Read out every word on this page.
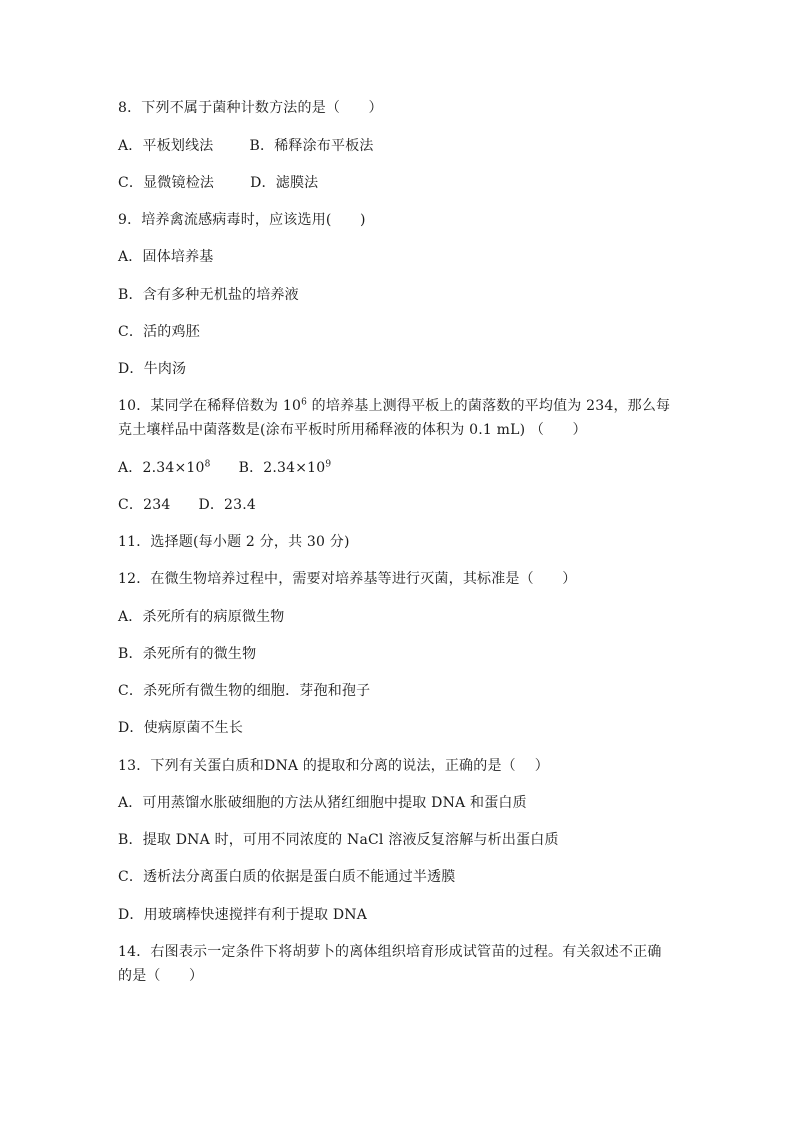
8．下列不属于菌种计数方法的是（　　）
A．平板划线法	B．稀释涂布平板法
C．显微镜检法	D．滤膜法
9．培养禽流感病毒时，应该选用(　　)
A．固体培养基
B．含有多种无机盐的培养液
C．活的鸡胚
D．牛肉汤
10．某同学在稀释倍数为 $10^6$ 的培养基上测得平板上的菌落数的平均值为 234，那么每
克土壤样品中菌落数是(涂布平板时所用稀释液的体积为 0.1 mL) （　　）
A．$2.34\times 10^8$ B．$2.34\times 10^9$
C．234 D．23.4
11．选择题(每小题 2 分，共 30 分)
12．在微生物培养过程中，需要对培养基等进行灭菌，其标准是（　　）
A．杀死所有的病原微生物
B．杀死所有的微生物
C．杀死所有微生物的细胞．芽孢和孢子
D．使病原菌不生长
13．下列有关蛋白质和DNA 的提取和分离的说法，正确的是（　 ）
A．可用蒸馏水胀破细胞的方法从猪红细胞中提取 DNA 和蛋白质
B．提取 DNA 时，可用不同浓度的 NaCl 溶液反复溶解与析出蛋白质
C．透析法分离蛋白质的依据是蛋白质不能通过半透膜
D．用玻璃棒快速搅拌有利于提取 DNA
14．右图表示一定条件下将胡萝卜的离体组织培育形成试管苗的过程。有关叙述不正确
的是（　　）
